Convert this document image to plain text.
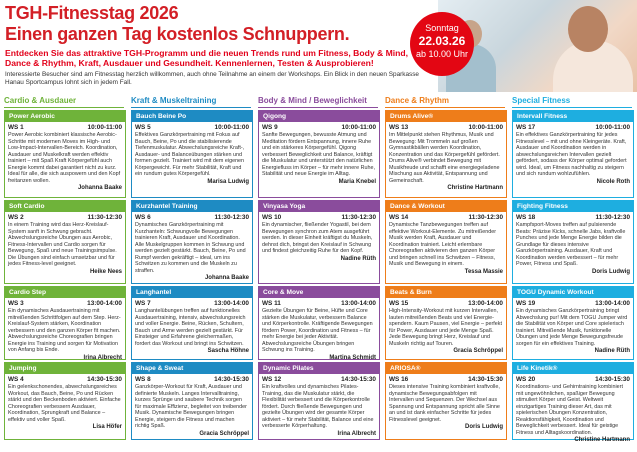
TGH-Fitnesstag 2026
Einen ganzen Tag kostenlos Schnuppern.
Entdecken Sie das attraktive TGH-Programm und die neuen Trends rund um Fitness, Body & Mind, Dance & Rhythm, Kraft, Ausdauer und Gesundheit. Kennenlernen, Testen & Ausprobieren!
Interessierte Besucher sind am Fitnesstag herzlich willkommen, auch ohne Teilnahme an einem der Workshops. Ein Blick in den neuen Sparkasse Hanau Sportcampus lohnt sich in jedem Fall.
Sonntag
22.03.26
ab 10.00 Uhr
Cardio & Ausdauer
Power Aerobic
WS 1	10:00-11:00
Power Aerobic kombiniert klassische Aerobic-Schritte mit modernen Moves im High- und Low-Impact-Intervallen-Bereich. Koordination, Ausdauer und Muskelkraft werden effektiv trainiert – mit Spaß Kraft Körpergefühl auch Energie kommt dabei garantiert nicht zu kurz. Ideal für alle, die sich auspowern und den Kopf freitanzen wollen.
Johanna Baake
Soft Cardio
WS 2	11:30-12:30
In einem Training wird das Herz-Kreislauf-System sanft in Schwung gebracht. Abwechslungsreiche Übungen aus Aerobic, Fitness-Intervallen und Cardio sorgen für Bewegung, Spaß und neue Trainingsimpulse. Die Übungen sind einfach umsetzbar und für jedes Fitness-level geeignet.
Heike Nees
Cardio Step
WS 3	13:00-14:00
Ein dynamisches Ausdauertraining mit mitreißenden Schrittfolgen auf dem Step. Herz-Kreislauf-System stärken, Koordination verbessern und den ganzen Körper fit machen. Abwechslungsreiche Choreografien bringen Energie ins Training und sorgen für Motivation von Anfang bis Ende.
Irina Albrecht
Jumping
WS 4	14:30-15:30
Ein gelenkschonendes, abwechslungsreiches Workout, das Bauch, Beine, Po und Rücken stärkt und den Beckenboden aktiviert. Einfache Choreografien verbessern Ausdauer, Koordination, Sprungkraft und Balance – effektiv und voller Spaß.
Lisa Höfer
Kraft & Muskeltraining
Bauch Beine Po
WS 5	10:00-11:00
Effektives Ganzkörpertraining mit Fokus auf Bauch, Beine, Po und die stabilisierende Tiefenmuskulatur. Abwechslungsreiche Kraft-, Ausdauer- und Balanceübungen stärken und formen gezielt. Trainiert wird mit dem eigenen Körpergewicht. Für mehr Stabilität, Kraft und ein rundum gutes Körpergefühl.
Marisa Ludwig
Kurzhantel Training
WS 6	11:30-12:30
Dynamisches Ganzkörpertraining mit Kurzhanteln: Schwungvolle Bewegungen trainieren Kraft, Ausdauer und Koordination. Alle Muskelgruppen kommen in Schwung und werden gezielt gestärkt. Bauch, Beine, Po und Rumpf werden gekräftigt – ideal, um ins Schwitzen zu kommen und die Muskeln zu straffen.
Johanna Baake
Langhantel
WS 7	13:00-14:00
Langhantelübungen treffen auf funktionelles Ausdauertraining, intensiv, abwechslungsreich und voller Energie. Beine, Rücken, Schultern, Bauch und Arme werden gezielt gestärkt. Für Einsteiger und Erfahrene gleichermaßen, fordert das Workout und bringt ins Schwitzen.
Sascha Höhne
Shape & Sweat
WS 8	14:30-15:30
Ganzkörper-Workout für Kraft, Ausdauer und definierte Muskeln. Langes Intervalltraining, kurzes Sprünge und saubere Technik sorgen für maximale Effizienz, begleitet von treibender Musik. Dynamische Bewegungen bringen Energie, steigern die Fitness und machen richtig Spaß.
Gracia Schröppel
Body & Mind / Beweglichkeit
Qigong
WS 9	10:00-11:00
Sanfte Bewegungen, bewusste Atmung und Meditation fördern Entspannung, innere Ruhe und ein stärkeres Körpergefühl. Qigong verbessert Beweglichkeit und Balance, kräftigt die Muskulatur und unterstützt den natürlichen Energiefluss im Körper – für mehr innere Ruhe, Stabilität und neue Energie im Alltag.
Maria Knebel
Vinyasa Yoga
WS 10	11:30-12:30
Ein dynamischer, fließender Yogastil, bei dem Bewegungen synchron zum Atem ausgeführt werden. In dieser Einheit kräftigst du Muskeln, dehnst dich, bringst den Kreislauf in Schwung und findest gleichzeitig Ruhe für den Kopf.
Nadine Rüth
Core & Move
WS 11	13:00-14:00
Gezielte Übungen für Beine, Hüfte und Core stärken die Muskulatur, verbessern Balance und Körperkontrolle. Kräftigende Bewegungen fördern Power, Koordination und Fitness – für mehr Energie bei jeder Aktivität. Abwechslungsreiche Übungen bringen Schwung ins Training.
Martina Schmidt
Dynamic Pilates
WS 12	14:30-15:30
Ein kraftvolles und dynamisches Pilates-Training, das die Muskulatur stärkt, die Flexibilität verbessert und die Körperkontrolle fördert. Durch fließende Bewegungen und gezielte Übungen wird der gesamte Körper aktiviert – für mehr Stabilität, Balance und eine verbesserte Körperhaltung.
Irina Albrecht
Dance & Rhythm
Drums Alive®
WS 13	10:00-11:00
Im Mittelpunkt stehen Rhythmus, Musik und Bewegung: Mit Trommeln auf großen Gymnastikbällen werden Koordination, Konzentration und das Körpergefühl gefördert. Drums Alive® verbindet Bewegung mit Musikfreude und schafft eine energiegeladene Mischung aus Aktivität, Entspannung und Gemeinschaft.
Christine Hartmann
Dance & Workout
WS 14	11:30-12:30
Dynamische Tanzbewegungen treffen auf effektive Workout-Elemente. Zu mitreißender Musik werden Kraft, Ausdauer und Koordination trainiert. Leicht erlernbare Choreografien aktivieren den ganzen Körper und bringen schnell ins Schwitzen – Fitness, Musik und Bewegung in einem.
Tessa Massie
Beats & Burn
WS 15	13:00-14:00
High-Intensity-Workout mit kurzen Intervallen, lauten mitreißenden Beats und viel Energie-spendern. Kaum Pausen, viel Energie – perfekt für Power, Ausdauer und jede Menge Spaß. Jede Bewegung bringt Herz, Kreislauf und Muskeln richtig auf Touren.
Gracia Schröppel
ARIOSA®
WS 16	14:30-15:30
Dieses intensive Training kombiniert kraftvolle, dynamische Bewegungsabfolgen mit Intervallen und Sequenzen. Der Wechsel aus Spannung und Entspannung spricht alle Sinne an und ist dank einfacher Schritte für jedes Fitnesslevel geeignet.
Doris Ludwig
Special Fitness
Intervall Fitness
WS 17	10:00-11:00
Ein effektives Ganzkörpertraining für jedes Fitnesslevel – mit und ohne Kleingeräte. Kraft, Ausdauer und Koordination werden in abwechslungsreichen Intervallen gezielt gefördert, sodass der Körper optimal gefordert wird. Ideal, um Fitness nachhaltig zu steigern und sich rundum wohlzufühlen.
Nicole Roth
Fighting Fitness
WS 18	11:30-12:30
Kampfsport-Moves treffen auf pulsierende Beats: Präzise Kicks, schnelle Jabs, kraftvolle Punches und jede Menge Energie bilden die Grundlage für dieses intensive Ganzkörpertraining. Ausdauer, Kraft und Koordination werden verbessert – für mehr Power, Fitness und Spaß.
Doris Ludwig
TOGU Dynamic Workout
WS 19	13:00-14:00
Ein dynamisches Ganzkörpertraining bringt Abwechslung pur! Mit dem TOGU Jumper wird die Stabilität von Körper und Core spielerisch trainiert. Mitreißende Musik, funktionelle Übungen und jede Menge Bewegungsfreude sorgen für ein effektives Training.
Nadine Rüth
Life Kinetik®
WS 20	14:30-15:30
Koordinations- und Gehirntraining kombiniert mit ungewöhnlichen, spaßiger Bewegung stimuliert Körper und Geist. Weltweit einzigartiges Training dieser Art, das mit spielerischen Übungen Konzentration, Reaktionsfähigkeit, Koordination und Beweglichkeit verbessert. Ideal für geistige Fitness und Alltagskoordination.
Christine Hartmann
